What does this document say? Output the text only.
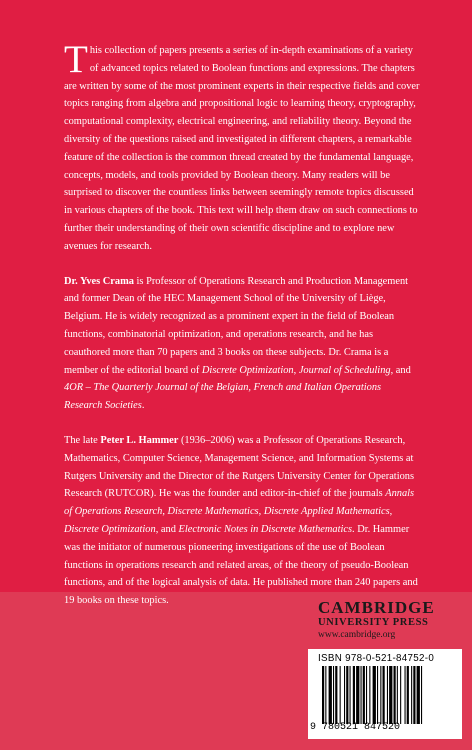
This collection of papers presents a series of in-depth examinations of a variety of advanced topics related to Boolean functions and expressions. The chapters are written by some of the most prominent experts in their respective fields and cover topics ranging from algebra and propositional logic to learning theory, cryptography, computational complexity, electrical engineering, and reliability theory. Beyond the diversity of the questions raised and investigated in different chapters, a remarkable feature of the collection is the common thread created by the fundamental language, concepts, models, and tools provided by Boolean theory. Many readers will be surprised to discover the countless links between seemingly remote topics discussed in various chapters of the book. This text will help them draw on such connections to further their understanding of their own scientific discipline and to explore new avenues for research.

Dr. Yves Crama is Professor of Operations Research and Production Management and former Dean of the HEC Management School of the University of Liège, Belgium. He is widely recognized as a prominent expert in the field of Boolean functions, combinatorial optimization, and operations research, and he has coauthored more than 70 papers and 3 books on these subjects. Dr. Crama is a member of the editorial board of Discrete Optimization, Journal of Scheduling, and 4OR – The Quarterly Journal of the Belgian, French and Italian Operations Research Societies.

The late Peter L. Hammer (1936–2006) was a Professor of Operations Research, Mathematics, Computer Science, Management Science, and Information Systems at Rutgers University and the Director of the Rutgers University Center for Operations Research (RUTCOR). He was the founder and editor-in-chief of the journals Annals of Operations Research, Discrete Mathematics, Discrete Applied Mathematics, Discrete Optimization, and Electronic Notes in Discrete Mathematics. Dr. Hammer was the initiator of numerous pioneering investigations of the use of Boolean functions in operations research and related areas, of the theory of pseudo-Boolean functions, and of the logical analysis of data. He published more than 240 papers and 19 books on these topics.	CAMBRIDGE
UNIVERSITY PRESS
www.cambridge.org
ISBN 978-0-521-84752-0
9 780521 847520
